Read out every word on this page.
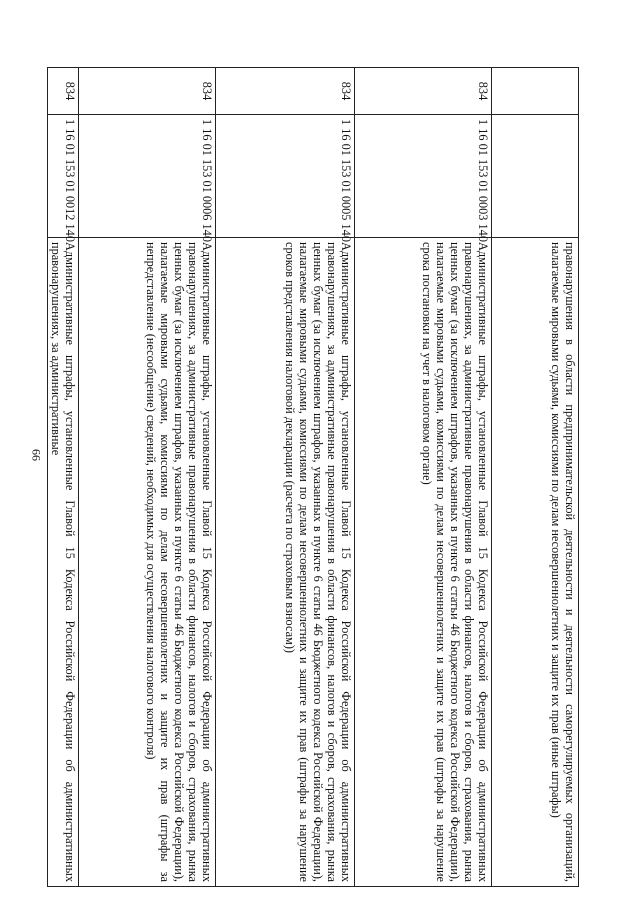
66
			правонарушения в области предпринимательской деятельности и деятельности саморегулируемых организаций, налагаемые мировыми судьями, комиссиями по делам несовершеннолетних и защите их прав (иные штрафы)
834	1 16 01 153 01 0003 140	Административные штрафы, установленные Главой 15 Кодекса Российской Федерации об административных правонарушениях, за административные правонарушения в области финансов, налогов и сборов, страхования, рынка ценных бумаг (за исключением штрафов, указанных в пункте 6 статьи 46 Бюджетного кодекса Российской Федерации), налагаемые мировыми судьями, комиссиями по делам несовершеннолетних и защите их прав (штрафы за нарушение срока постановки на учет в налоговом органе)
834	1 16 01 153 01 0005 140	Административные штрафы, установленные Главой 15 Кодекса Российской Федерации об административных правонарушениях, за административные правонарушения в области финансов, налогов и сборов, страхования, рынка ценных бумаг (за исключением штрафов, указанных в пункте 6 статьи 46 Бюджетного кодекса Российской Федерации), налагаемые мировыми судьями, комиссиями по делам несовершеннолетних и защите их прав (штрафы за нарушение сроков представления налоговой декларации (расчета по страховым взносам))
834	1 16 01 153 01 0006 140	Административные штрафы, установленные Главой 15 Кодекса Российской Федерации об административных правонарушениях, за административные правонарушения в области финансов, налогов и сборов, страхования, рынка ценных бумаг (за исключением штрафов, указанных в пункте 6 статьи 46 Бюджетного кодекса Российской Федерации), налагаемые мировыми судьями, комиссиями по делам несовершеннолетних и защите их прав (штрафы за непредставление (несообщение) сведений, необходимых для осуществления налогового контроля)
834	1 16 01 153 01 0012 140	Административные штрафы, установленные Главой 15 Кодекса Российской Федерации об административных правонарушениях, за административные
